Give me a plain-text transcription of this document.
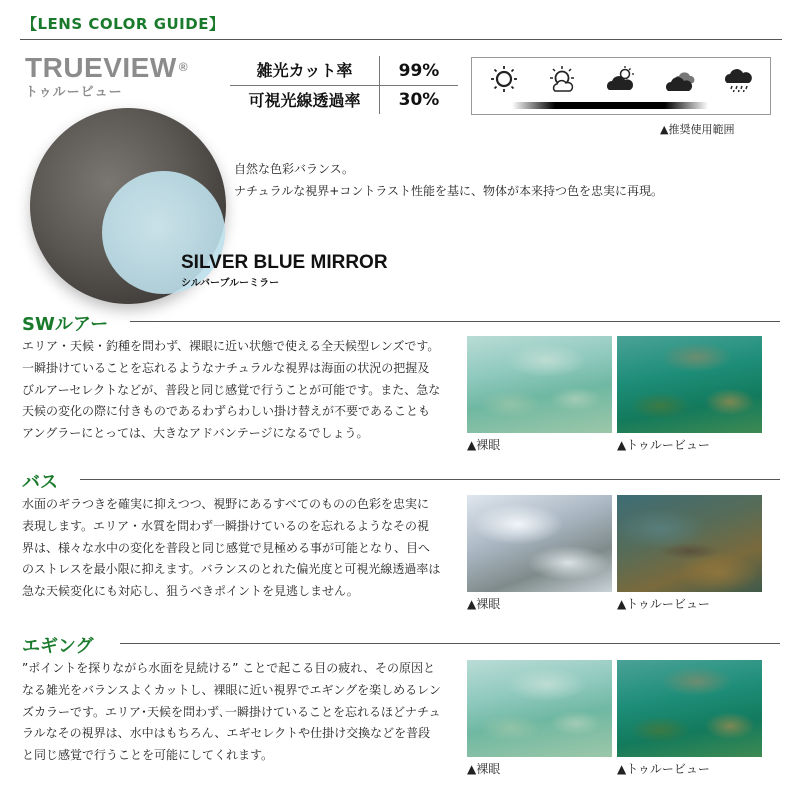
【LENS COLOR GUIDE】
TRUEVIEW ®
トゥルービュー
雑光カット率	99%
可視光線透過率	30%
▲推奨使用範囲
自然な色彩バランス。
ナチュラルな視界+コントラスト性能を基に、物体が本来持つ色を忠実に再現。
SILVER BLUE MIRROR
シルバーブルーミラー
SWルアー
エリア・天候・釣種を問わず、裸眼に近い状態で使える全天候型レンズです。
一瞬掛けていることを忘れるようなナチュラルな視界は海面の状況の把握及
びルアーセレクトなどが、普段と同じ感覚で行うことが可能です。また、急な
天候の変化の際に付きものであるわずらわしい掛け替えが不要であることも
アングラーにとっては、大きなアドバンテージになるでしょう。
▲裸眼	▲トゥルービュー
バス
水面のギラつきを確実に抑えつつ、視野にあるすべてのものの色彩を忠実に
表現します。エリア・水質を問わず一瞬掛けているのを忘れるようなその視
界は、様々な水中の変化を普段と同じ感覚で見極める事が可能となり、目へ
のストレスを最小限に抑えます。バランスのとれた偏光度と可視光線透過率は
急な天候変化にも対応し、狙うべきポイントを見逃しません。
▲裸眼	▲トゥルービュー
エギング
”ポイントを探りながら水面を見続ける” ことで起こる目の疲れ、その原因と
なる雑光をバランスよくカットし、裸眼に近い視界でエギングを楽しめるレン
ズカラーです。エリア･天候を問わず､一瞬掛けていることを忘れるほどナチュ
ラルなその視界は、水中はもちろん、エギセレクトや仕掛け交換などを普段
と同じ感覚で行うことを可能にしてくれます。
▲裸眼	▲トゥルービュー
